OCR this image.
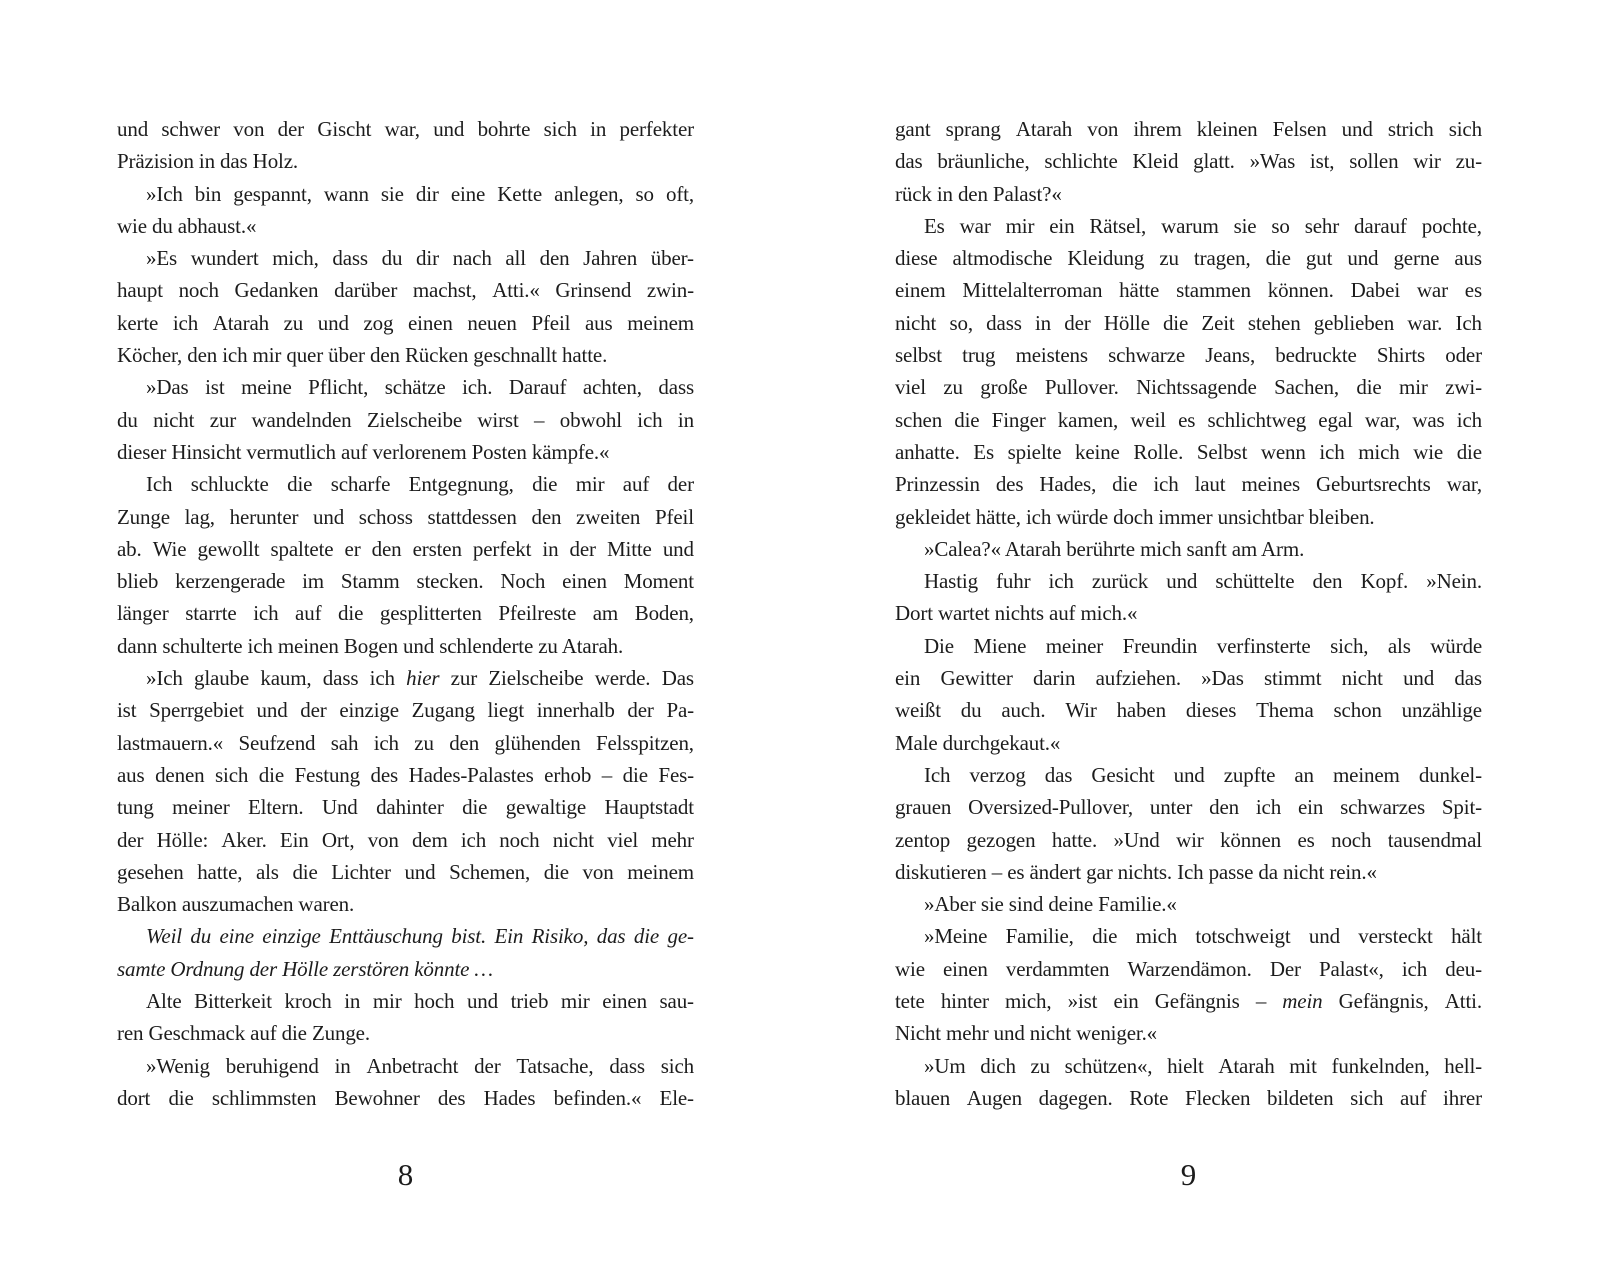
und schwer von der Gischt war, und bohrte sich in perfekter
Präzision in das Holz.
»Ich bin gespannt, wann sie dir eine Kette anlegen, so oft,
wie du abhaust.«
»Es wundert mich, dass du dir nach all den Jahren über-
haupt noch Gedanken darüber machst, Atti.« Grinsend zwin-
kerte ich Atarah zu und zog einen neuen Pfeil aus meinem
Köcher, den ich mir quer über den Rücken geschnallt hatte.
»Das ist meine Pflicht, schätze ich. Darauf achten, dass
du nicht zur wandelnden Zielscheibe wirst – obwohl ich in
dieser Hinsicht vermutlich auf verlorenem Posten kämpfe.«
Ich schluckte die scharfe Entgegnung, die mir auf der
Zunge lag, herunter und schoss stattdessen den zweiten Pfeil
ab. Wie gewollt spaltete er den ersten perfekt in der Mitte und
blieb kerzengerade im Stamm stecken. Noch einen Moment
länger starrte ich auf die gesplitterten Pfeilreste am Boden,
dann schulterte ich meinen Bogen und schlenderte zu Atarah.
»Ich glaube kaum, dass ich hier zur Zielscheibe werde. Das
ist Sperrgebiet und der einzige Zugang liegt innerhalb der Pa-
lastmauern.« Seufzend sah ich zu den glühenden Felsspitzen,
aus denen sich die Festung des Hades-Palastes erhob – die Fes-
tung meiner Eltern. Und dahinter die gewaltige Hauptstadt
der Hölle: Aker. Ein Ort, von dem ich noch nicht viel mehr
gesehen hatte, als die Lichter und Schemen, die von meinem
Balkon auszumachen waren.
Weil du eine einzige Enttäuschung bist. Ein Risiko, das die ge-
samte Ordnung der Hölle zerstören könnte …
Alte Bitterkeit kroch in mir hoch und trieb mir einen sau-
ren Geschmack auf die Zunge.
»Wenig beruhigend in Anbetracht der Tatsache, dass sich
dort die schlimmsten Bewohner des Hades befinden.« Ele-
gant sprang Atarah von ihrem kleinen Felsen und strich sich
das bräunliche, schlichte Kleid glatt. »Was ist, sollen wir zu-
rück in den Palast?«
Es war mir ein Rätsel, warum sie so sehr darauf pochte,
diese altmodische Kleidung zu tragen, die gut und gerne aus
einem Mittelalterroman hätte stammen können. Dabei war es
nicht so, dass in der Hölle die Zeit stehen geblieben war. Ich
selbst trug meistens schwarze Jeans, bedruckte Shirts oder
viel zu große Pullover. Nichtssagende Sachen, die mir zwi-
schen die Finger kamen, weil es schlichtweg egal war, was ich
anhatte. Es spielte keine Rolle. Selbst wenn ich mich wie die
Prinzessin des Hades, die ich laut meines Geburtsrechts war,
gekleidet hätte, ich würde doch immer unsichtbar bleiben.
»Calea?« Atarah berührte mich sanft am Arm.
Hastig fuhr ich zurück und schüttelte den Kopf. »Nein.
Dort wartet nichts auf mich.«
Die Miene meiner Freundin verfinsterte sich, als würde
ein Gewitter darin aufziehen. »Das stimmt nicht und das
weißt du auch. Wir haben dieses Thema schon unzählige
Male durchgekaut.«
Ich verzog das Gesicht und zupfte an meinem dunkel-
grauen Oversized-Pullover, unter den ich ein schwarzes Spit-
zentop gezogen hatte. »Und wir können es noch tausendmal
diskutieren – es ändert gar nichts. Ich passe da nicht rein.«
»Aber sie sind deine Familie.«
»Meine Familie, die mich totschweigt und versteckt hält
wie einen verdammten Warzendämon. Der Palast«, ich deu-
tete hinter mich, »ist ein Gefängnis – mein Gefängnis, Atti.
Nicht mehr und nicht weniger.«
»Um dich zu schützen«, hielt Atarah mit funkelnden, hell-
blauen Augen dagegen. Rote Flecken bildeten sich auf ihrer
8	9
